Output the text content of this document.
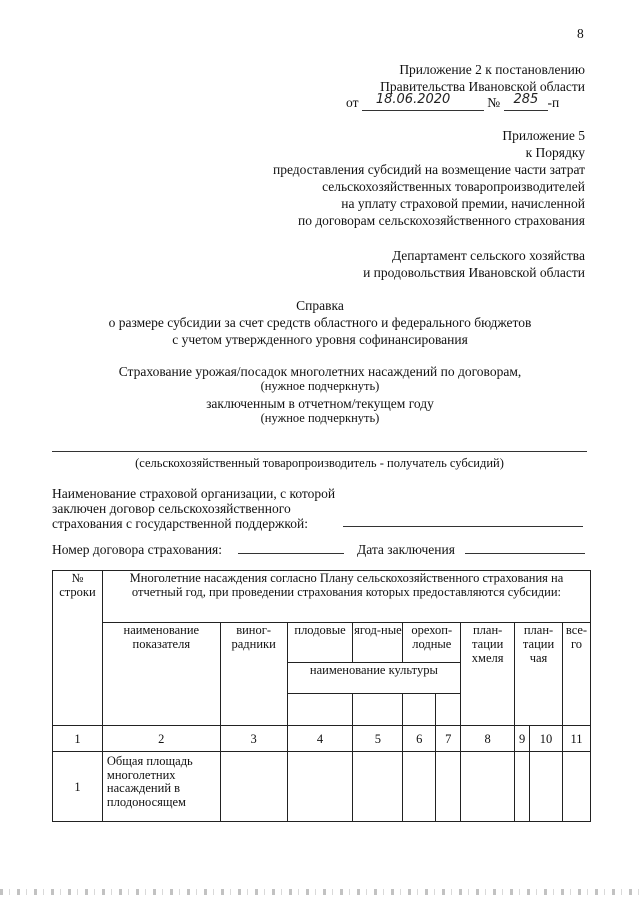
8
Приложение 2 к постановлению
Правительства Ивановской области
от 18.06.2020	№ 285 -п
Приложение 5
к Порядку
предоставления субсидий на возмещение части затрат
сельскохозяйственных товаропроизводителей
на уплату страховой премии, начисленной
по договорам сельскохозяйственного страхования
Департамент сельского хозяйства
и продовольствия Ивановской области
Справка
о размере субсидии за счет средств областного и федерального бюджетов
с учетом утвержденного уровня софинансирования
Страхование урожая/посадок многолетних насаждений по договорам,
(нужное подчеркнуть)
заключенным в отчетном/текущем году
(нужное подчеркнуть)
(сельскохозяйственный товаропроизводитель - получатель субсидий)
Наименование страховой организации, с которой
заключен договор сельскохозяйственного
страхования с государственной поддержкой:
Номер договора страхования:	Дата заключения
№ строки	Многолетние насаждения согласно Плану сельскохозяйственного страхования на отчетный год, при проведении страхования которых предоставляются субсидии:									
	наименование показателя	виног-радники	плодовые	ягод-ные	орехоп-лодные		план-тации хмеля	план-тации чая		все-го
			наименование культуры							

1	2	3	4	5	6	7	8	9	10	11
1	Общая площадь многолетних насаждений в плодоносящем									
